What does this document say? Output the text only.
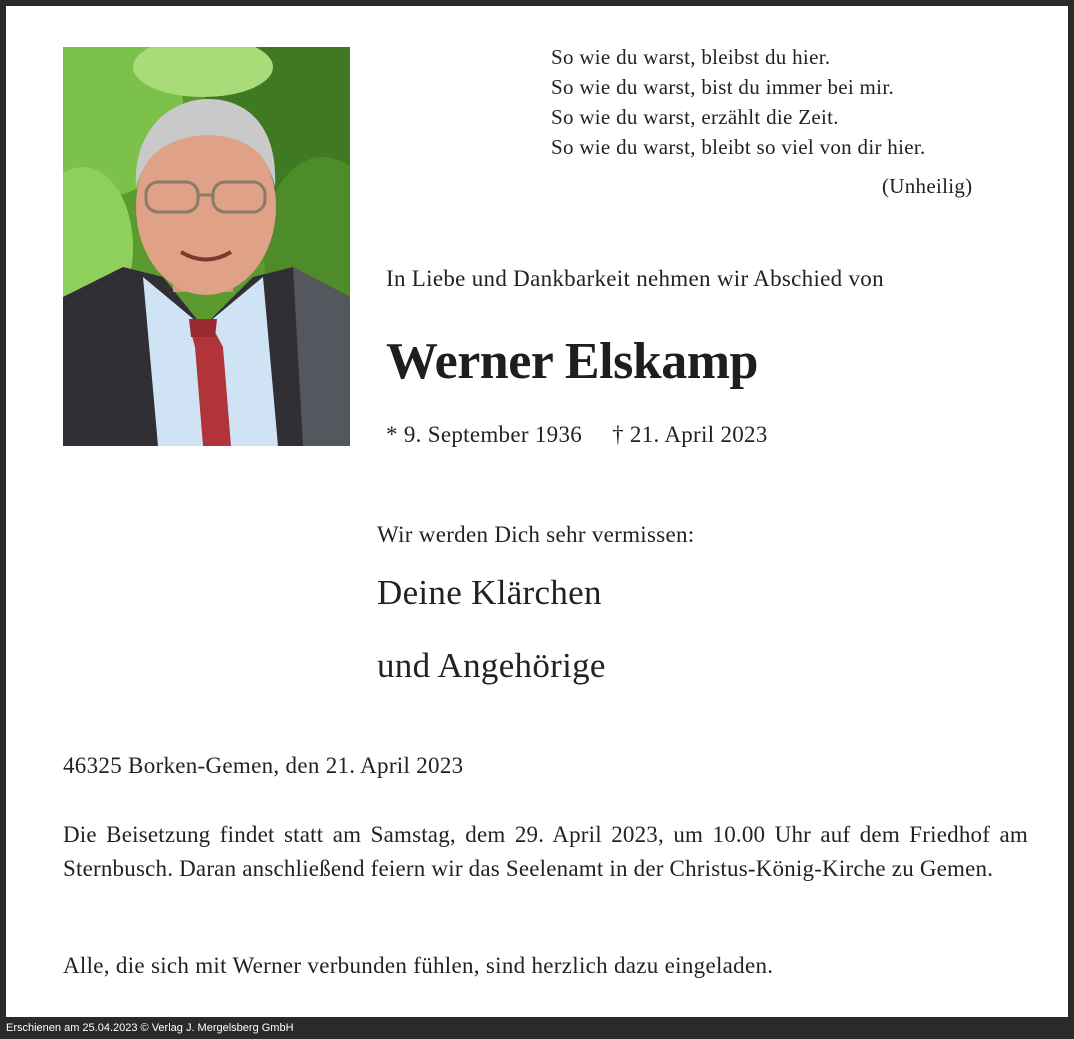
So wie du warst, bleibst du hier.
So wie du warst, bist du immer bei mir.
So wie du warst, erzählt die Zeit.
So wie du warst, bleibt so viel von dir hier.
(Unheilig)
In Liebe und Dankbarkeit nehmen wir Abschied von
Werner Elskamp
* 9. September 1936 † 21. April 2023
Wir werden Dich sehr vermissen:
Deine Klärchen
und Angehörige
46325 Borken-Gemen, den 21. April 2023
Die Beisetzung findet statt am Samstag, dem 29. April 2023, um 10.00 Uhr auf dem Friedhof am Sternbusch. Daran anschließend feiern wir das Seelenamt in der Christus-König-Kirche zu Gemen.
Alle, die sich mit Werner verbunden fühlen, sind herzlich dazu eingeladen.
Erschienen am 25.04.2023 © Verlag J. Mergelsberg GmbH
